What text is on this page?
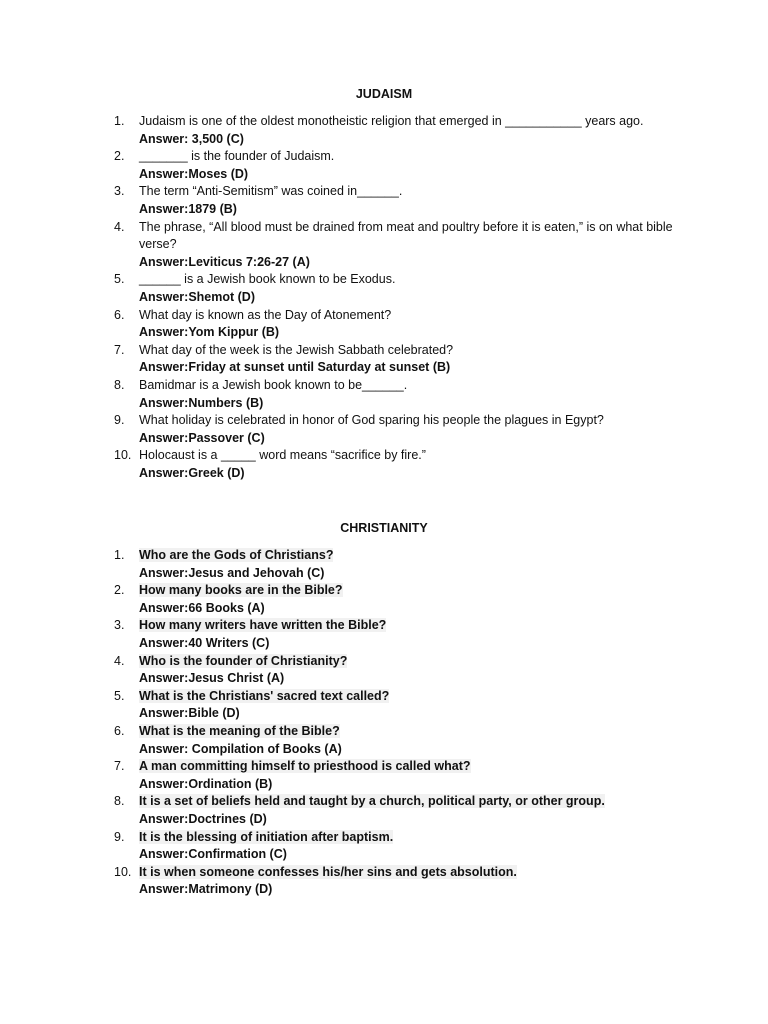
JUDAISM
1.	Judaism is one of the oldest monotheistic religion that emerged in ___________ years ago.
Answer: 3,500 (C)
2.	_______ is the founder of Judaism.
Answer:Moses (D)
3.	The term “Anti-Semitism” was coined in______.
Answer:1879 (B)
4.	The phrase, “All blood must be drained from meat and poultry before it is eaten,” is on what bible verse?
Answer:Leviticus 7:26-27 (A)
5.	______ is a Jewish book known to be Exodus.
Answer:Shemot (D)
6.	What day is known as the Day of Atonement?
Answer:Yom Kippur (B)
7.	What day of the week is the Jewish Sabbath celebrated?
Answer:Friday at sunset until Saturday at sunset (B)
8.	Bamidmar is a Jewish book known to be______.
Answer:Numbers (B)
9.	What holiday is celebrated in honor of God sparing his people the plagues in Egypt?
Answer:Passover (C)
10. Holocaust is a _____ word means “sacrifice by fire.”
Answer:Greek (D)
CHRISTIANITY
1.	Who are the Gods of Christians?
Answer:Jesus and Jehovah (C)
2.	How many books are in the Bible?
Answer:66 Books (A)
3.	How many writers have written the Bible?
Answer:40 Writers (C)
4.	Who is the founder of Christianity?
Answer:Jesus Christ (A)
5.	What is the Christians' sacred text called?
Answer:Bible (D)
6.	What is the meaning of the Bible?
Answer: Compilation of Books (A)
7.	A man committing himself to priesthood is called what?
Answer:Ordination (B)
8.	It is a set of beliefs held and taught by a church, political party, or other group.
Answer:Doctrines (D)
9.	It is the blessing of initiation after baptism.
Answer:Confirmation (C)
10. It is when someone confesses his/her sins and gets absolution.
Answer:Matrimony (D)
